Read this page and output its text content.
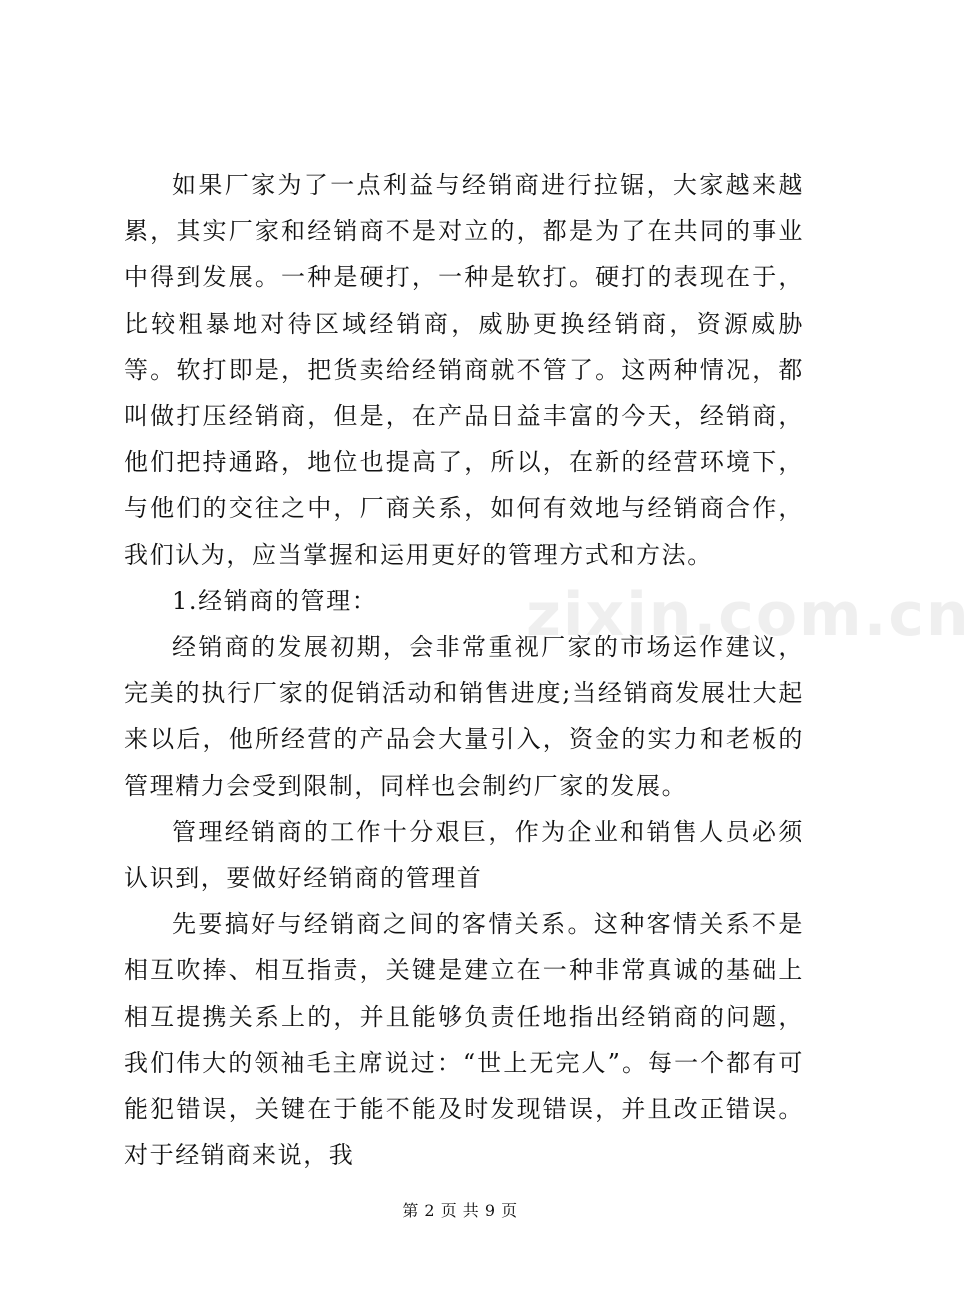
如果厂家为了一点利益与经销商进行拉锯，大家越来越累，其实厂家和经销商不是对立的，都是为了在共同的事业中得到发展。一种是硬打，一种是软打。硬打的表现在于，比较粗暴地对待区域经销商，威胁更换经销商，资源威胁等。软打即是，把货卖给经销商就不管了。这两种情况，都叫做打压经销商，但是，在产品日益丰富的今天，经销商，他们把持通路，地位也提高了，所以，在新的经营环境下，与他们的交往之中，厂商关系，如何有效地与经销商合作，我们认为，应当掌握和运用更好的管理方式和方法。

1.经销商的管理：

经销商的发展初期，会非常重视厂家的市场运作建议，完美的执行厂家的促销活动和销售进度;当经销商发展壮大起来以后，他所经营的产品会大量引入，资金的实力和老板的管理精力会受到限制，同样也会制约厂家的发展。

管理经销商的工作十分艰巨，作为企业和销售人员必须认识到，要做好经销商的管理首

先要搞好与经销商之间的客情关系。这种客情关系不是相互吹捧、相互指责，关键是建立在一种非常真诚的基础上相互提携关系上的，并且能够负责任地指出经销商的问题，我们伟大的领袖毛主席说过：“世上无完人”。每一个都有可能犯错误，关键在于能不能及时发现错误，并且改正错误。对于经销商来说，我

zixin.com.cn
第 2 页 共 9 页
